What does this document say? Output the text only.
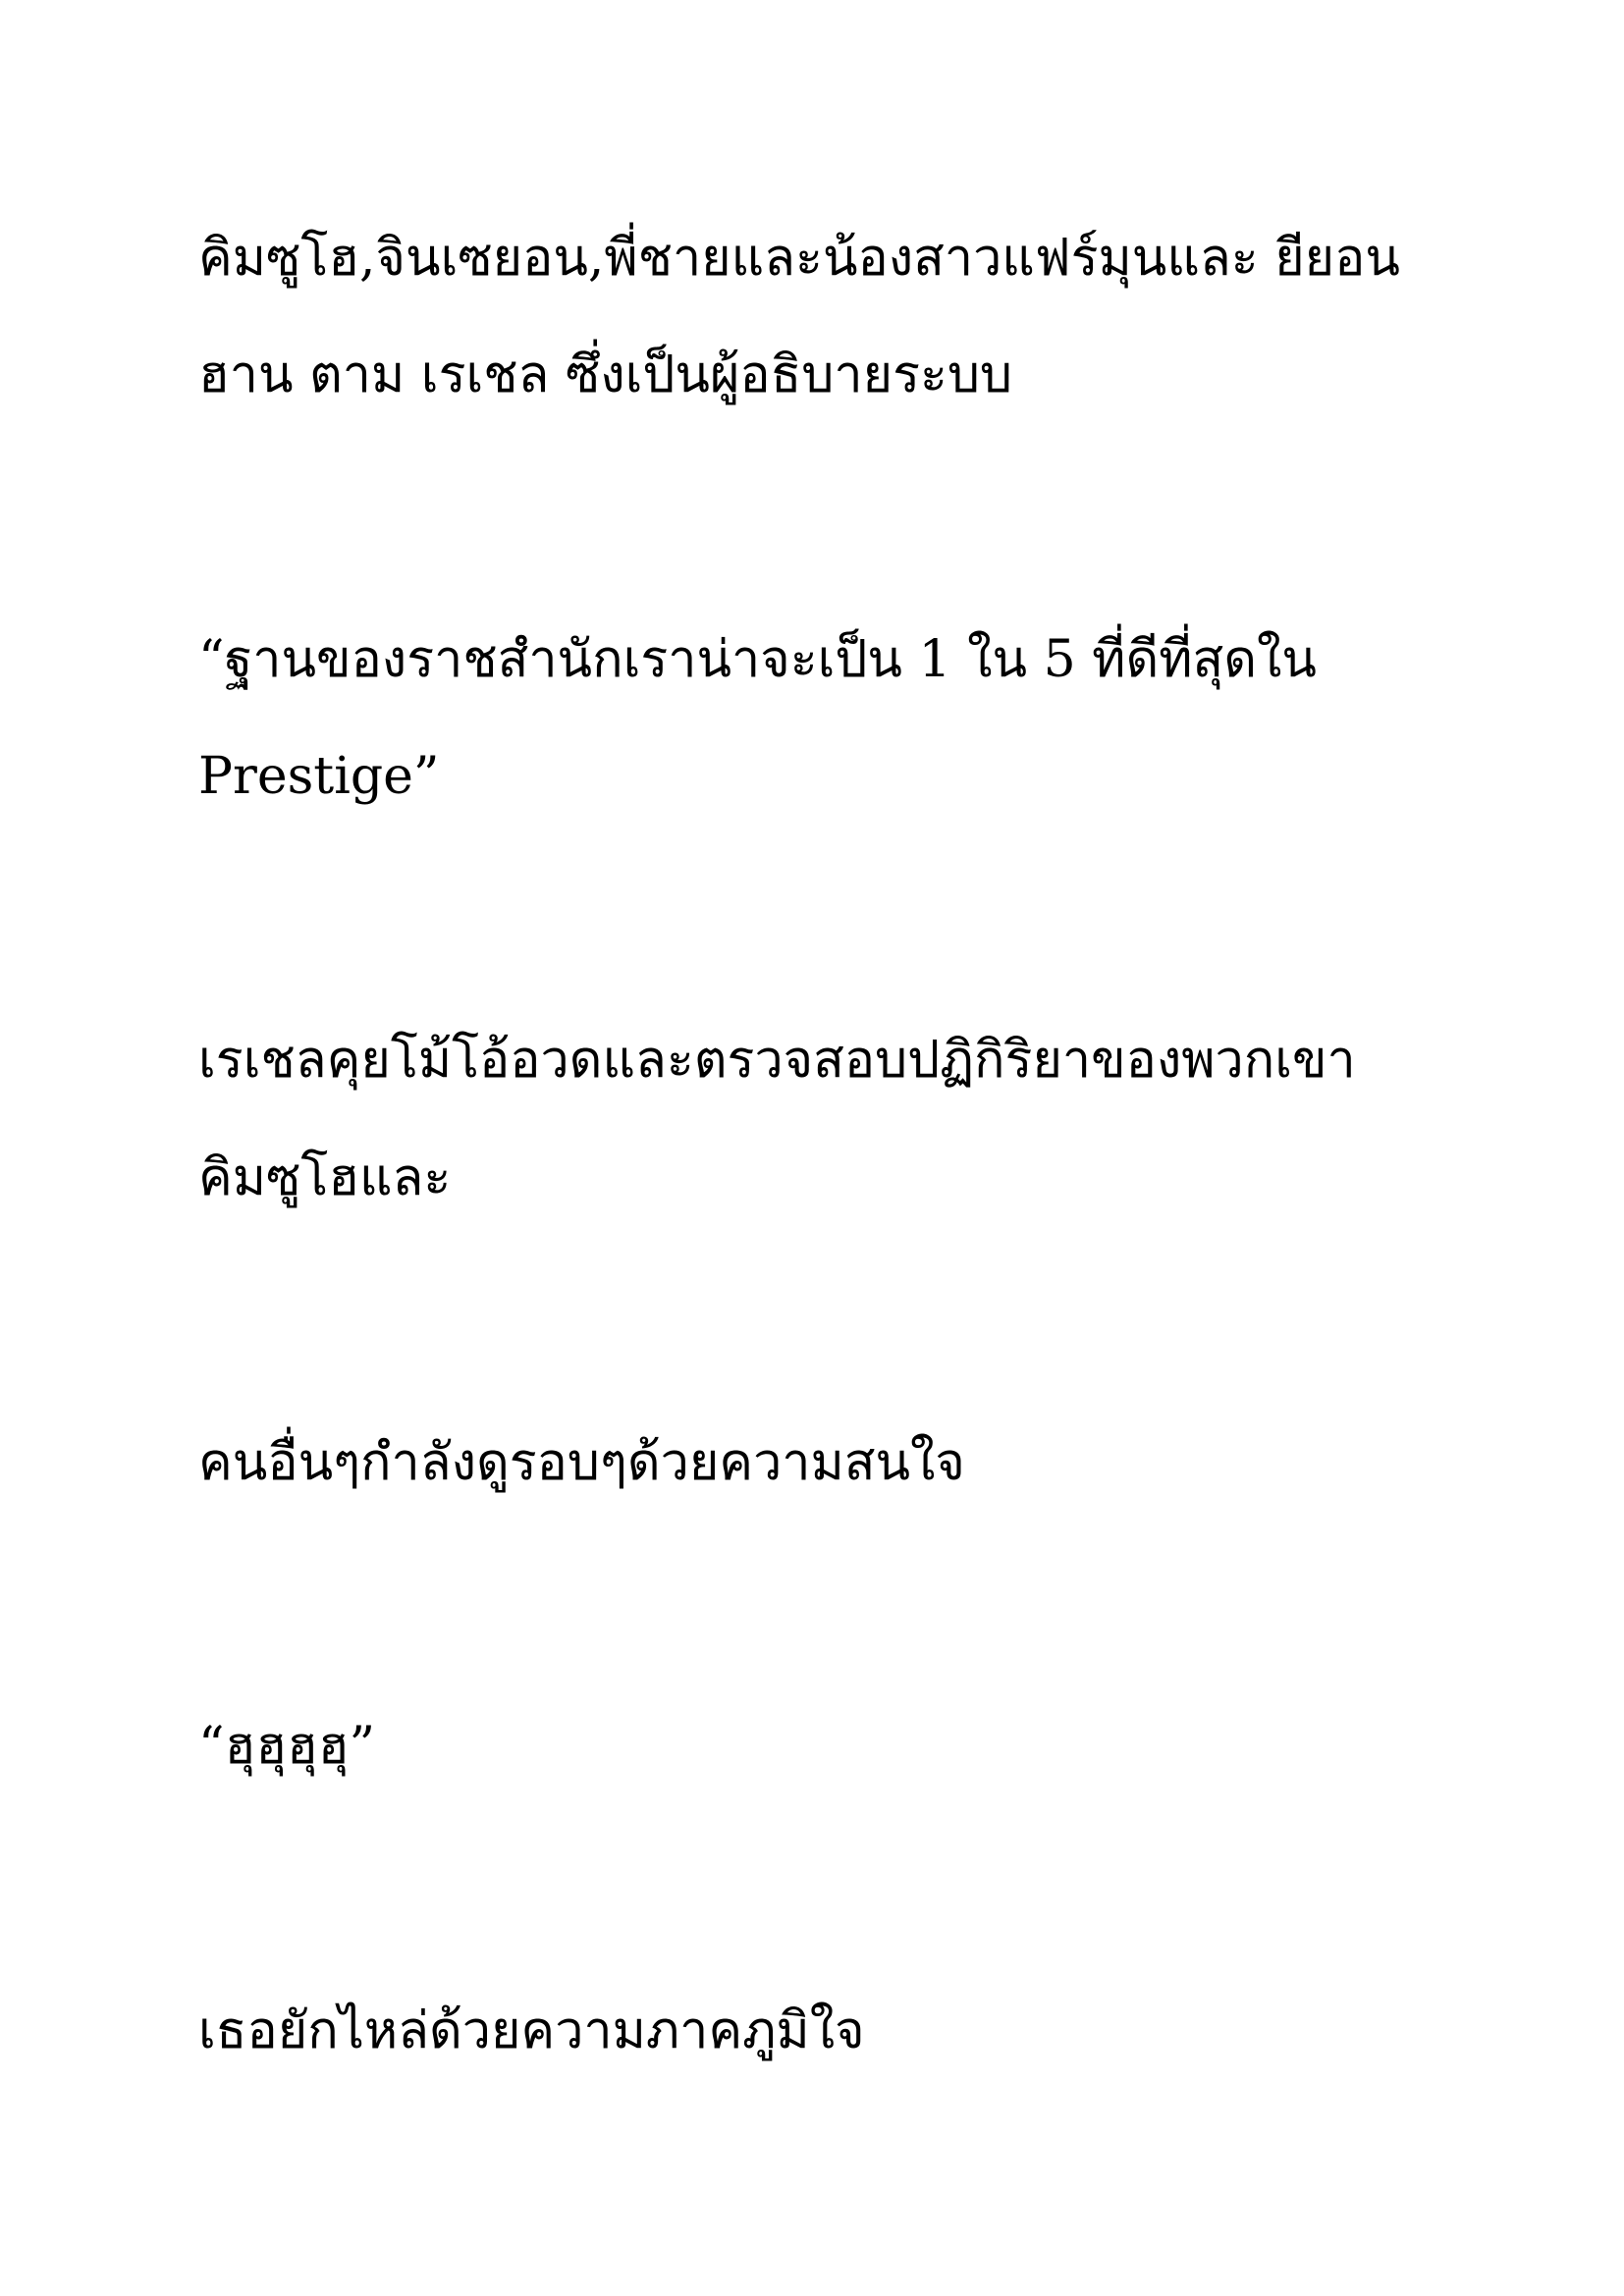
คิมซูโฮ,จินเซยอน,พี่ชายและน้องสาวแฟร์มุนและ ยียอน

ฮาน ตาม เรเชล ซึ่งเป็นผู้อธิบายระบบ

“ฐานของราชสำนักเราน่าจะเป็น 1 ใน 5 ที่ดีที่สุดใน

Prestige”

เรเชลคุยโม้โอ้อวดและตรวจสอบปฏิกิริยาของพวกเขา

คิมซูโฮและ

คนอื่นๆกำลังดูรอบๆด้วยความสนใจ

“ฮุฮุฮุฮุ”

เธอยักไหล่ด้วยความภาคภูมิใจ
